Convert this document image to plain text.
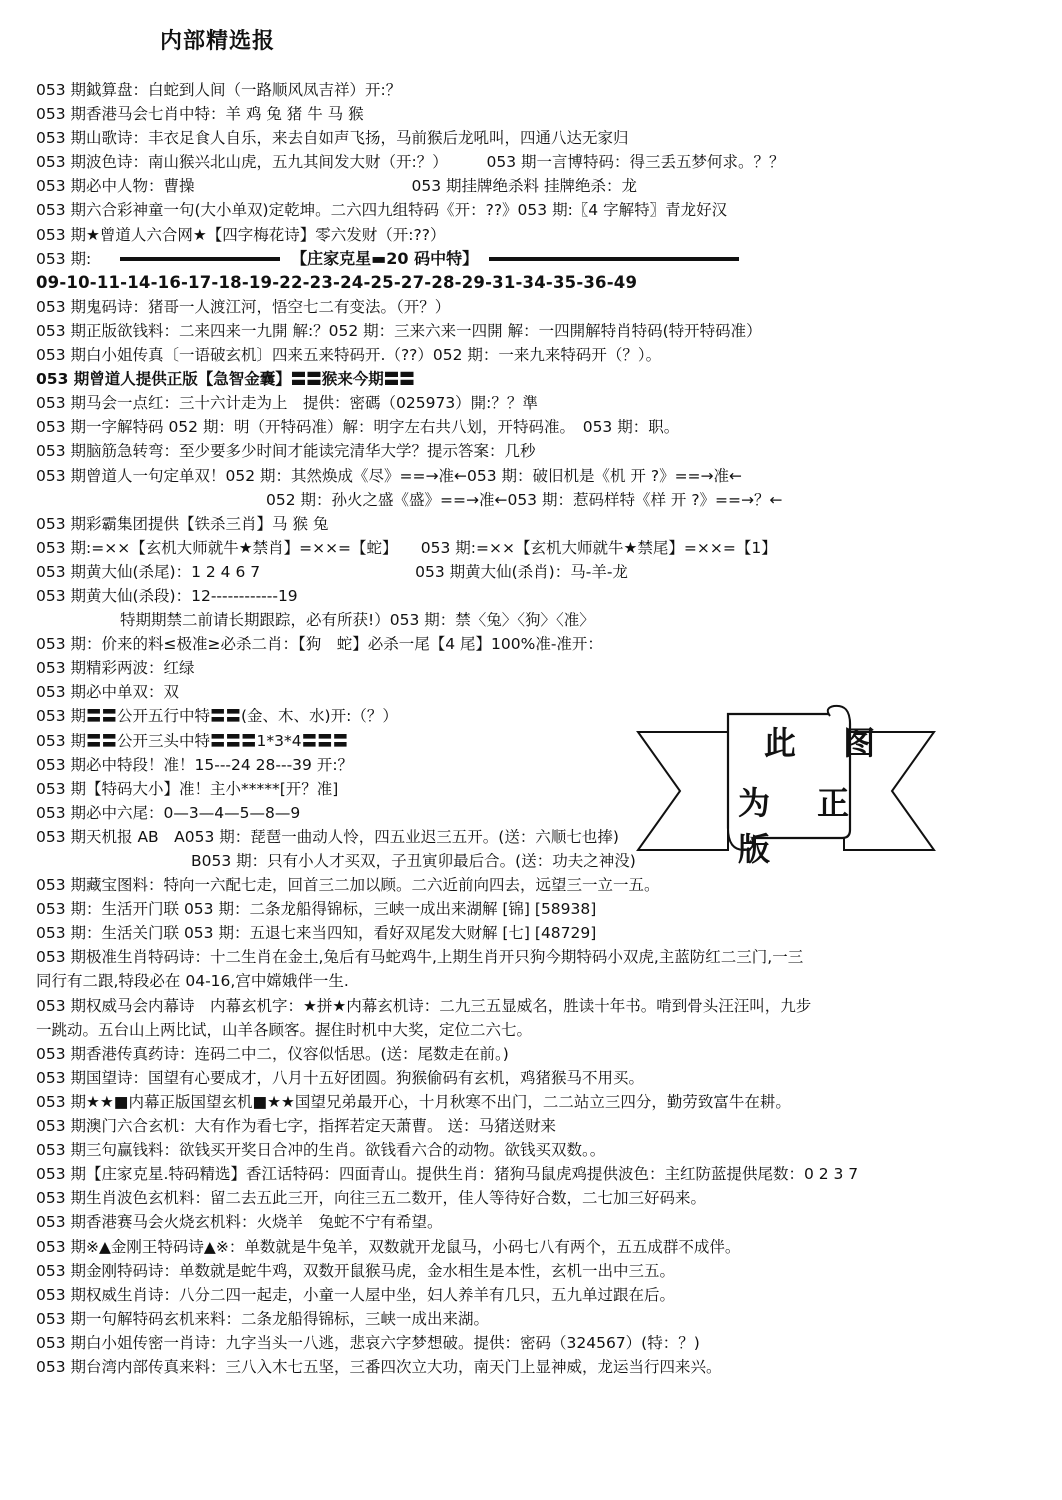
内部精选报
053 期鉞算盘：白蛇到人间（一路顺风凤吉祥）开:？
053 期香港马会七肖中特：羊 鸡 兔 猪 牛 马 猴
053 期山歌诗：丰衣足食人自乐，来去自如声飞扬，马前猴后龙吼叫，四通八达无家归
053 期波色诗：南山猴兴北山虎，五九其间发大财（开:？）　　　053 期一言博特码：得三丢五梦何求。？？
053 期必中人物：曹操　　　　　　　　　　　　　　053 期挂牌绝杀料 挂牌绝杀：龙
053 期六合彩神童一句(大小单双)定乾坤。二六四九组特码《开：??》053 期:〖4 字解特〗青龙好汉
053 期★曾道人六合网★【四字梅花诗】零六发财（开:??）
053 期:	【庄家克星▬20 码中特】
09-10-11-14-16-17-18-19-22-23-24-25-27-28-29-31-34-35-36-49
053 期鬼码诗：猪哥一人渡江河，悟空七二有变法。（开？）
053 期正版欲钱料：二来四来一九開 解:？052 期：三来六来一四開 解：一四開解特肖特码(特开特码准）
053 期白小姐传真〔一语破玄机〕四来五来特码开.（??）052 期：一来九来特码开（？）。
053 期曾道人提供正版【急智金囊】〓〓猴来今期〓〓
053 期马会一点红：三十六计走为上　提供：密碼（025973）開:？？準
053 期一字解特码 052 期：明（开特码准）解：明字左右共八划，开特码准。　053 期：职。
053 期脑筋急转弯：至少要多少时间才能读完清华大学？提示答案：几秒
053 期曾道人一句定单双！052 期：其然焕成《尽》==→准←053 期：破旧机是《机 开 ?》==→准←
052 期：孙火之盛《盛》==→准←053 期：惹码样特《样 开 ?》==→？←
053 期彩霸集团提供【铁杀三肖】马 猴 兔
053 期:=××【玄机大师就牛★禁肖】=××=【蛇】　　053 期:=××【玄机大师就牛★禁尾】=××=【1】
053 期黄大仙(杀尾)：1 2 4 6 7　　　　　　　　　　053 期黄大仙(杀肖)：马-羊-龙
053 期黄大仙(杀段)：12------------19
特期期禁二前请长期跟踪，必有所获!）053 期：禁〈兔〉〈狗〉〈准〉
053 期：价来的料≤极准≥必杀二肖：【狗　蛇】必杀一尾【4 尾】100%准-准开：
053 期精彩两波：红绿
053 期必中单双：双
053 期〓〓公开五行中特〓〓(金、木、水)开:（？）
053 期〓〓公开三头中特〓〓〓1*3*4〓〓〓
053 期必中特段！准！15---24 28---39 开:？
053 期【特码大小】准！主小*****[开？准]
053 期必中六尾：0—3—4—5—8—9
053 期天机报 AB　A053 期：琵琶一曲动人怜，四五业迟三五开。(送：六顺七也捧)
B053 期：只有小人才买双，子丑寅卯最后合。(送：功夫之神没)
053 期藏宝图料：特向一六配七走，回首三二加以顾。二六近前向四去，远望三一立一五。
053 期：生活开门联 053 期：二条龙船得锦标，三峡一成出来湖解 [锦] [58938]
053 期：生活关门联 053 期：五退七来当四知，看好双尾发大财解 [七] [48729]
053 期极准生肖特码诗：十二生肖在金土,兔后有马蛇鸡牛,上期生肖开只狗今期特码小双虎,主蓝防红二三门,一三
同行有二跟,特段必在 04-16,宫中嫦娥伴一生.
053 期权威马会内幕诗　内幕玄机字：★拼★内幕玄机诗：二九三五显威名，胜读十年书。啃到骨头汪汪叫，九步
一跳动。五台山上两比试，山羊各顾客。握住时机中大奖，定位二六七。
053 期香港传真药诗：连码二中二，仪容似恬思。(送：尾数走在前。)
053 期国望诗：国望有心要成才，八月十五好团圆。狗猴偷码有玄机，鸡猪猴马不用买。
053 期★★■内幕正版国望玄机■★★国望兄弟最开心，十月秋寒不出门，二二站立三四分，勤劳致富牛在耕。
053 期澳门六合玄机：大有作为看七字，指挥若定天萧曹。 送：马猪送财来
053 期三句赢钱料：欲钱买开奖日合冲的生肖。欲钱看六合的动物。欲钱买双数。。
053 期【庄家克星.特码精选】香江话特码：四面青山。提供生肖：猪狗马鼠虎鸡提供波色：主红防蓝提供尾数：0 2 3 7
053 期生肖波色玄机料：留二去五此三开，向往三五二数开，佳人等待好合数，二七加三好码来。
053 期香港赛马会火烧玄机料：火烧羊　兔蛇不宁有希望。
053 期※▲金刚王特码诗▲※：单数就是牛兔羊，双数就开龙鼠马，小码七八有两个，五五成群不成伴。
053 期金刚特码诗：单数就是蛇牛鸡，双数开鼠猴马虎，金水相生是本性，玄机一出中三五。
053 期权威生肖诗：八分二四一起走，小童一人屋中坐，妇人养羊有几只，五九单过跟在后。
053 期一句解特码玄机来料：二条龙船得锦标，三峡一成出来湖。
053 期白小姐传密一肖诗：九字当头一八逃，悲哀六字梦想破。提供：密码（324567）(特：？)
053 期台湾内部传真来料：三八入木七五坚，三番四次立大功，南天门上显神威，龙运当行四来兴。
此 图
为 正 版
